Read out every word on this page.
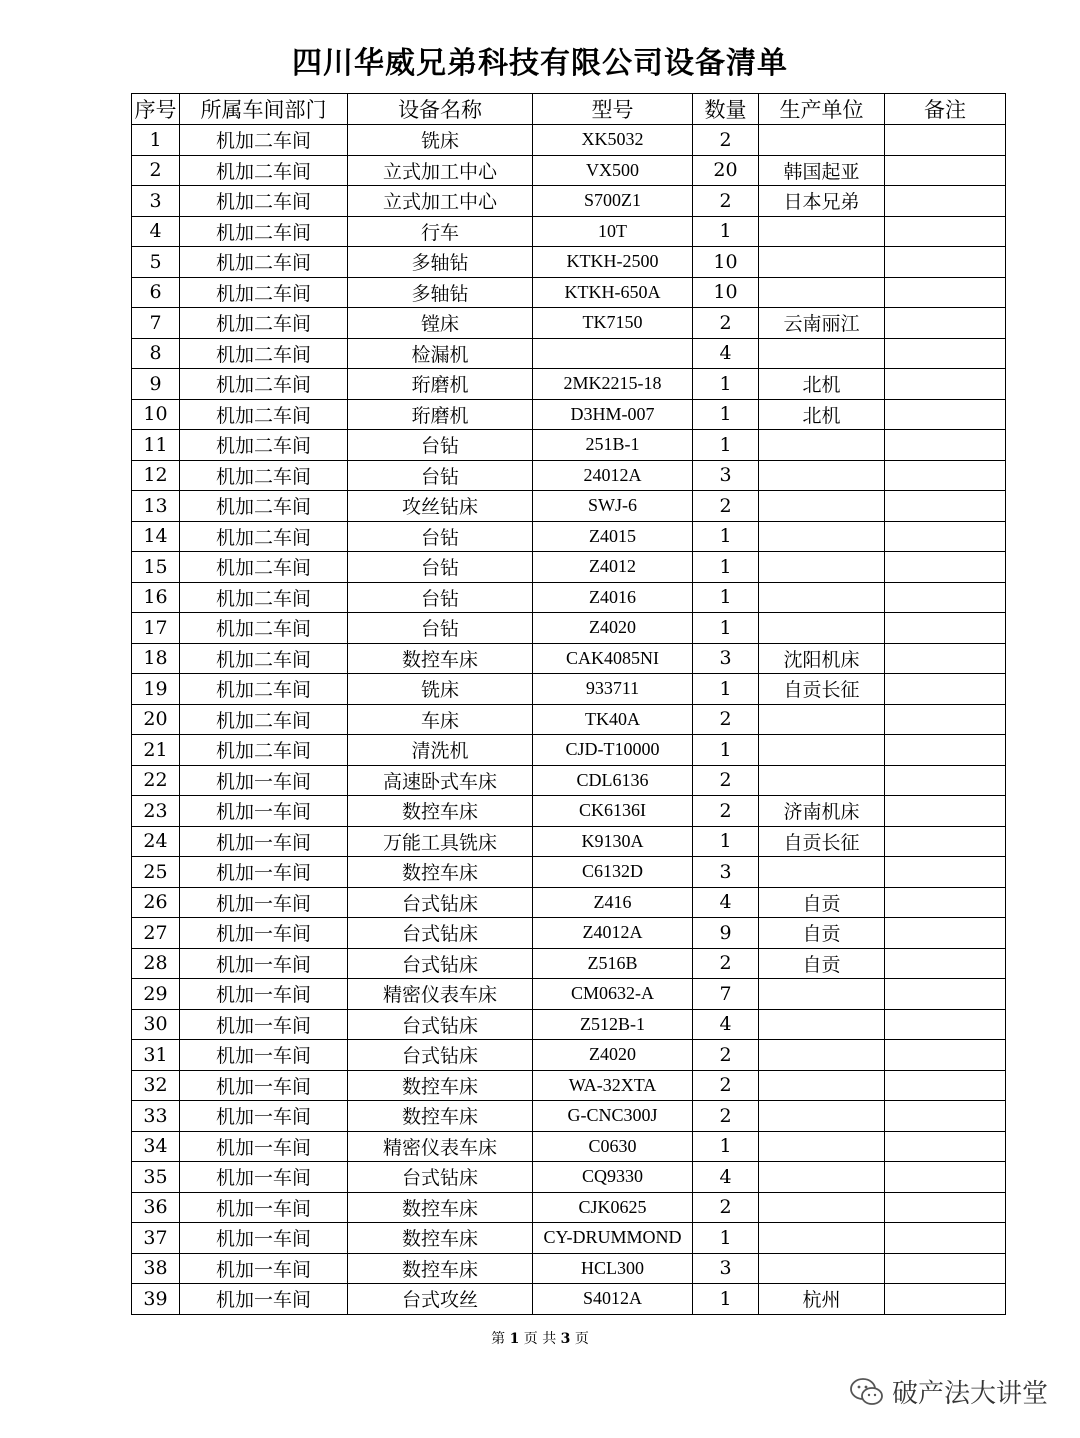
四川华威兄弟科技有限公司设备清单
序号	所属车间部门	设备名称	型号	数量	生产单位	备注
1	机加二车间	铣床	XK5032	2		
2	机加二车间	立式加工中心	VX500	20	韩国起亚	
3	机加二车间	立式加工中心	S700Z1	2	日本兄弟	
4	机加二车间	行车	10T	1		
5	机加二车间	多轴钻	KTKH-2500	10		
6	机加二车间	多轴钻	KTKH-650A	10		
7	机加二车间	镗床	TK7150	2	云南丽江	
8	机加二车间	检漏机		4		
9	机加二车间	珩磨机	2MK2215-18	1	北机	
10	机加二车间	珩磨机	D3HM-007	1	北机	
11	机加二车间	台钻	251B-1	1		
12	机加二车间	台钻	24012A	3		
13	机加二车间	攻丝钻床	SWJ-6	2		
14	机加二车间	台钻	Z4015	1		
15	机加二车间	台钻	Z4012	1		
16	机加二车间	台钻	Z4016	1		
17	机加二车间	台钻	Z4020	1		
18	机加二车间	数控车床	CAK4085NI	3	沈阳机床	
19	机加二车间	铣床	933711	1	自贡长征	
20	机加二车间	车床	TK40A	2		
21	机加二车间	清洗机	CJD-T10000	1		
22	机加一车间	高速卧式车床	CDL6136	2		
23	机加一车间	数控车床	CK6136I	2	济南机床	
24	机加一车间	万能工具铣床	K9130A	1	自贡长征	
25	机加一车间	数控车床	C6132D	3		
26	机加一车间	台式钻床	Z416	4	自贡	
27	机加一车间	台式钻床	Z4012A	9	自贡	
28	机加一车间	台式钻床	Z516B	2	自贡	
29	机加一车间	精密仪表车床	CM0632-A	7		
30	机加一车间	台式钻床	Z512B-1	4		
31	机加一车间	台式钻床	Z4020	2		
32	机加一车间	数控车床	WA-32XTA	2		
33	机加一车间	数控车床	G-CNC300J	2		
34	机加一车间	精密仪表车床	C0630	1		
35	机加一车间	台式钻床	CQ9330	4		
36	机加一车间	数控车床	CJK0625	2		
37	机加一车间	数控车床	CY-DRUMMOND	1		
38	机加一车间	数控车床	HCL300	3		
39	机加一车间	台式攻丝	S4012A	1	杭州	
第 1 页 共 3 页
破产法大讲堂
